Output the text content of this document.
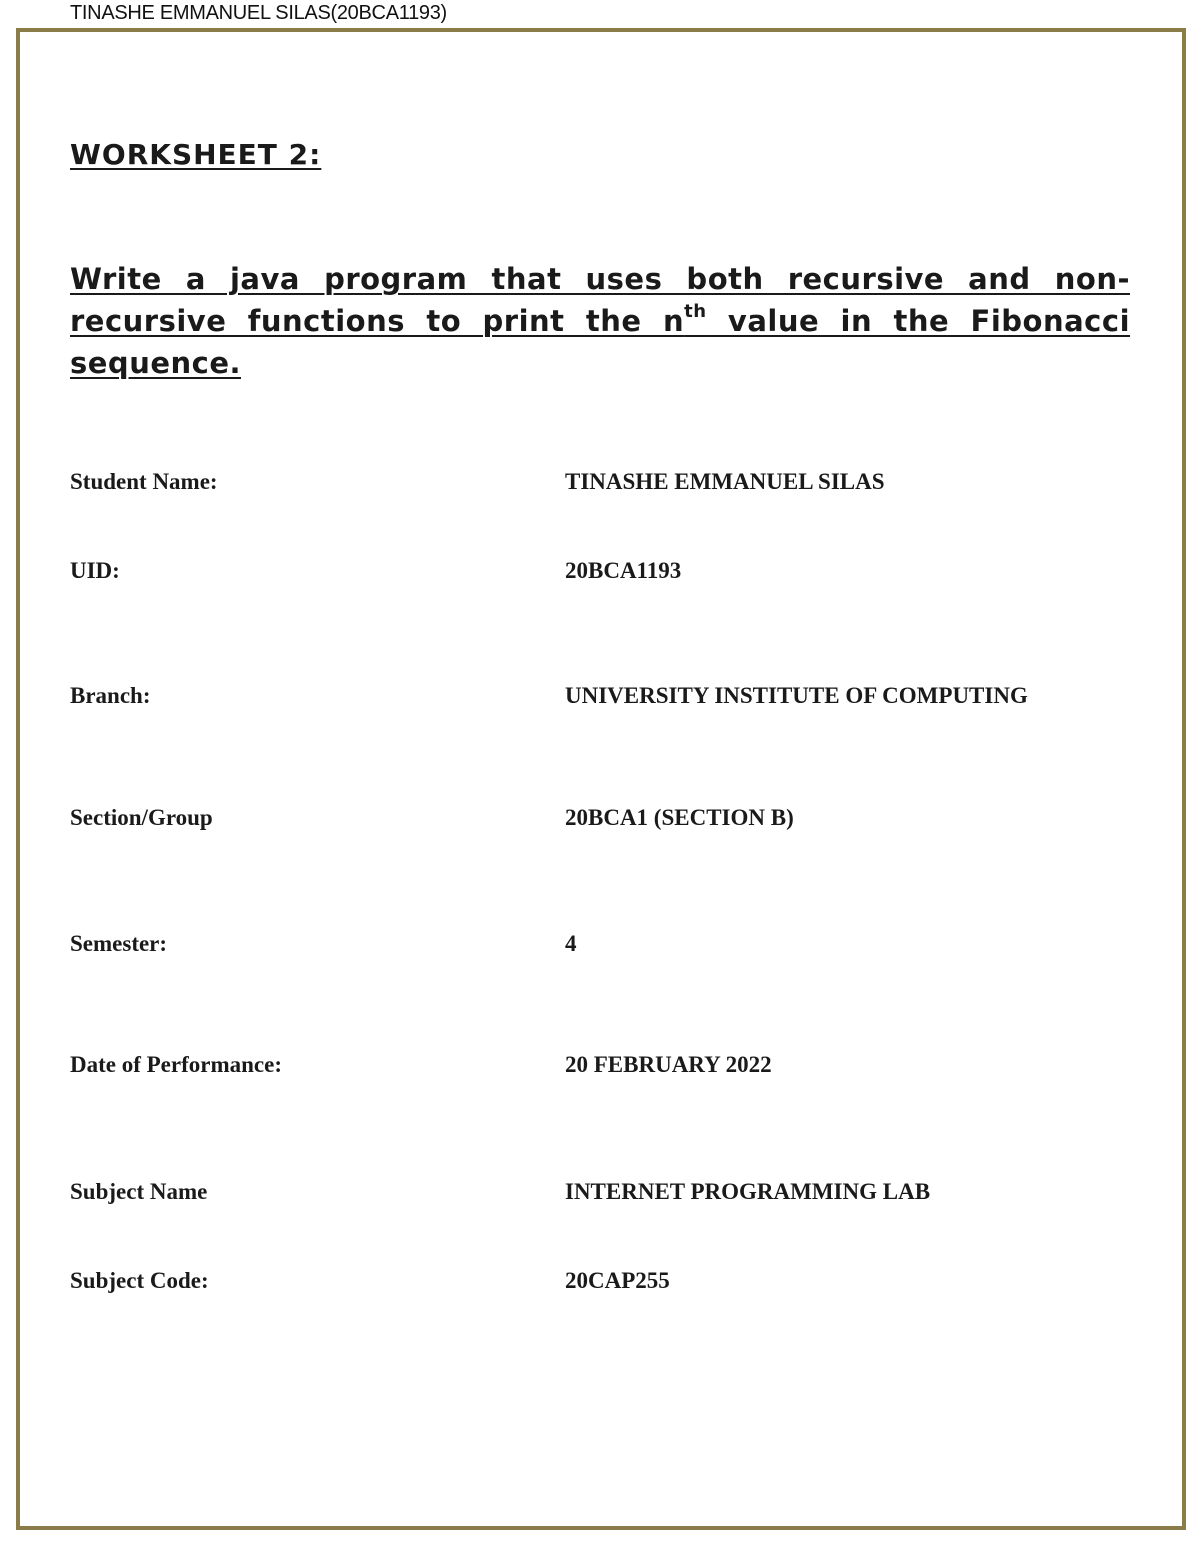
TINASHE EMMANUEL SILAS(20BCA1193)
WORKSHEET 2:

Write a java program that uses both recursive and non-recursive functions to print the $n^{th}$ value in the Fibonacci sequence.

Student Name:	TINASHE EMMANUEL SILAS
UID:	20BCA1193
Branch:	UNIVERSITY INSTITUTE OF COMPUTING
Section/Group	20BCA1 (SECTION B)
Semester:	4
Date of Performance:	20 FEBRUARY 2022
Subject Name	INTERNET PROGRAMMING LAB
Subject Code:	20CAP255
